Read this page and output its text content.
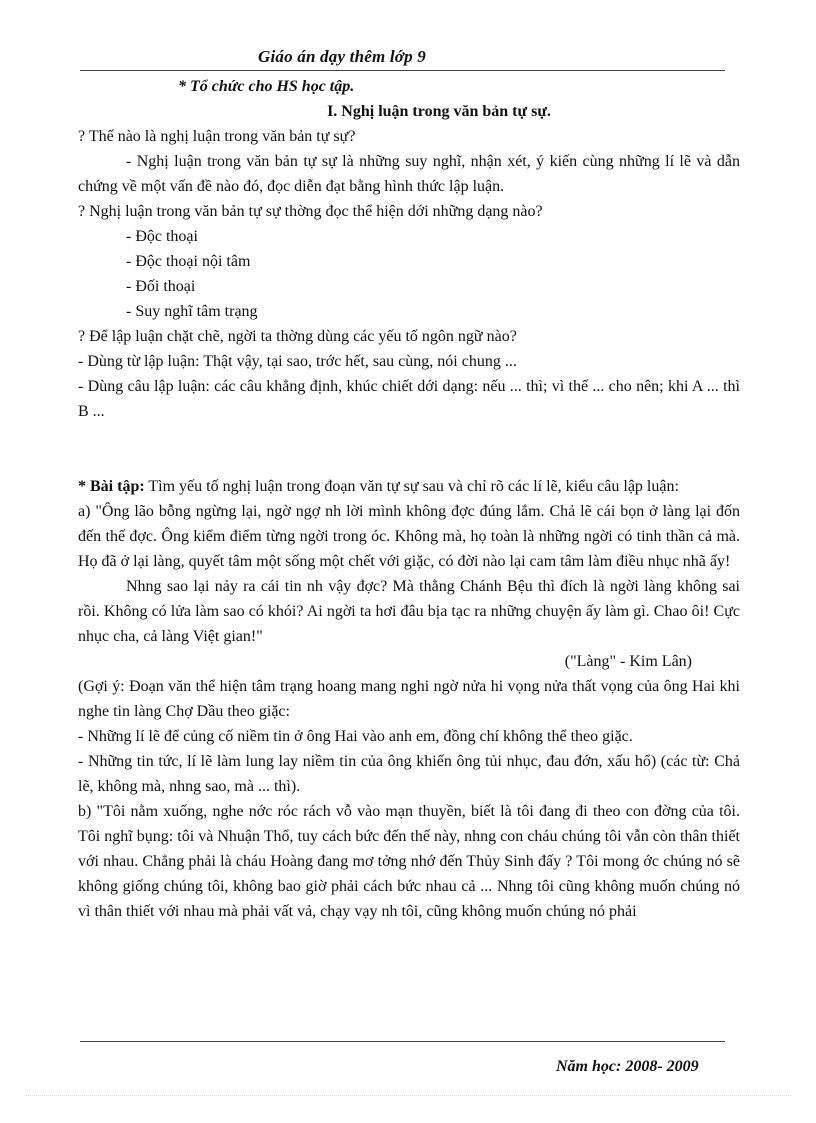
Giáo án dạy thêm lớp 9

* Tổ chức cho HS học tập.

I. Nghị luận trong văn bản tự sự.

? Thế nào là nghị luận trong văn bản tự sự?

- Nghị luận trong văn bản tự sự là những suy nghĩ, nhận xét, ý kiến cùng những lí lẽ và dẫn chứng về một vấn đề nào đó, đọc diễn đạt bằng hình thức lập luận.

? Nghị luận trong văn bản tự sự thờng đọc thể hiện dới những dạng nào?

- Độc thoại

- Độc thoại nội tâm

- Đối thoại

- Suy nghĩ tâm trạng

? Để lập luận chặt chẽ, ngời ta thờng dùng các yếu tố ngôn ngữ nào?

- Dùng từ lập luận: Thật vậy, tại sao, trớc hết, sau cùng, nói chung ...

- Dùng câu lập luận: các câu khẳng định, khúc chiết dới dạng: nếu ... thì; vì thế ... cho nên; khi A ... thì B ...

* Bài tập: Tìm yếu tố nghị luận trong đoạn văn tự sự sau và chỉ rõ các lí lẽ, kiểu câu lập luận:

a) "Ông lão bỗng ngừng lại, ngờ ngợ nh lời mình không đợc đúng lắm. Chả lẽ cái bọn ở làng lại đốn đến thế đợc. Ông kiểm điểm từng ngời trong óc. Không mà, họ toàn là những ngời có tinh thần cả mà. Họ đã ở lại làng, quyết tâm một sống một chết với giặc, có đời nào lại cam tâm làm điều nhục nhã ấy!

Nhng sao lại nảy ra cái tin nh vậy đợc? Mà thằng Chánh Bệu thì đích là ngời làng không sai rồi. Không có lửa làm sao có khói? Ai ngời ta hơi đâu bịa tạc ra những chuyện ấy làm gì. Chao ôi! Cực nhục cha, cả làng Việt gian!"

("Làng" - Kim Lân)

(Gợi ý: Đoạn văn thể hiện tâm trạng hoang mang nghi ngờ nửa hi vọng nửa thất vọng của ông Hai khi nghe tin làng Chợ Dầu theo giặc:

- Những lí lẽ để củng cố niềm tin ở ông Hai vào anh em, đồng chí không thể theo giặc.

- Những tin tức, lí lẽ làm lung lay niềm tin của ông khiến ông tủi nhục, đau đớn, xấu hổ) (các từ: Chả lẽ, không mà, nhng sao, mà ... thì).

b) "Tôi nằm xuống, nghe nớc róc rách vỗ vào mạn thuyền, biết là tôi đang đi theo con đờng của tôi. Tôi nghĩ bụng: tôi và Nhuận Thổ, tuy cách bức đến thế này, nhng con cháu chúng tôi vẫn còn thân thiết với nhau. Chẳng phải là cháu Hoàng đang mơ tởng nhớ đến Thủy Sinh đấy ? Tôi mong ớc chúng nó sẽ không giống chúng tôi, không bao giờ phải cách bức nhau cả ... Nhng tôi cũng không muốn chúng nó vì thân thiết với nhau mà phải vất vả, chạy vạy nh tôi, cũng không muốn chúng nó phải

Năm học: 2008- 2009
